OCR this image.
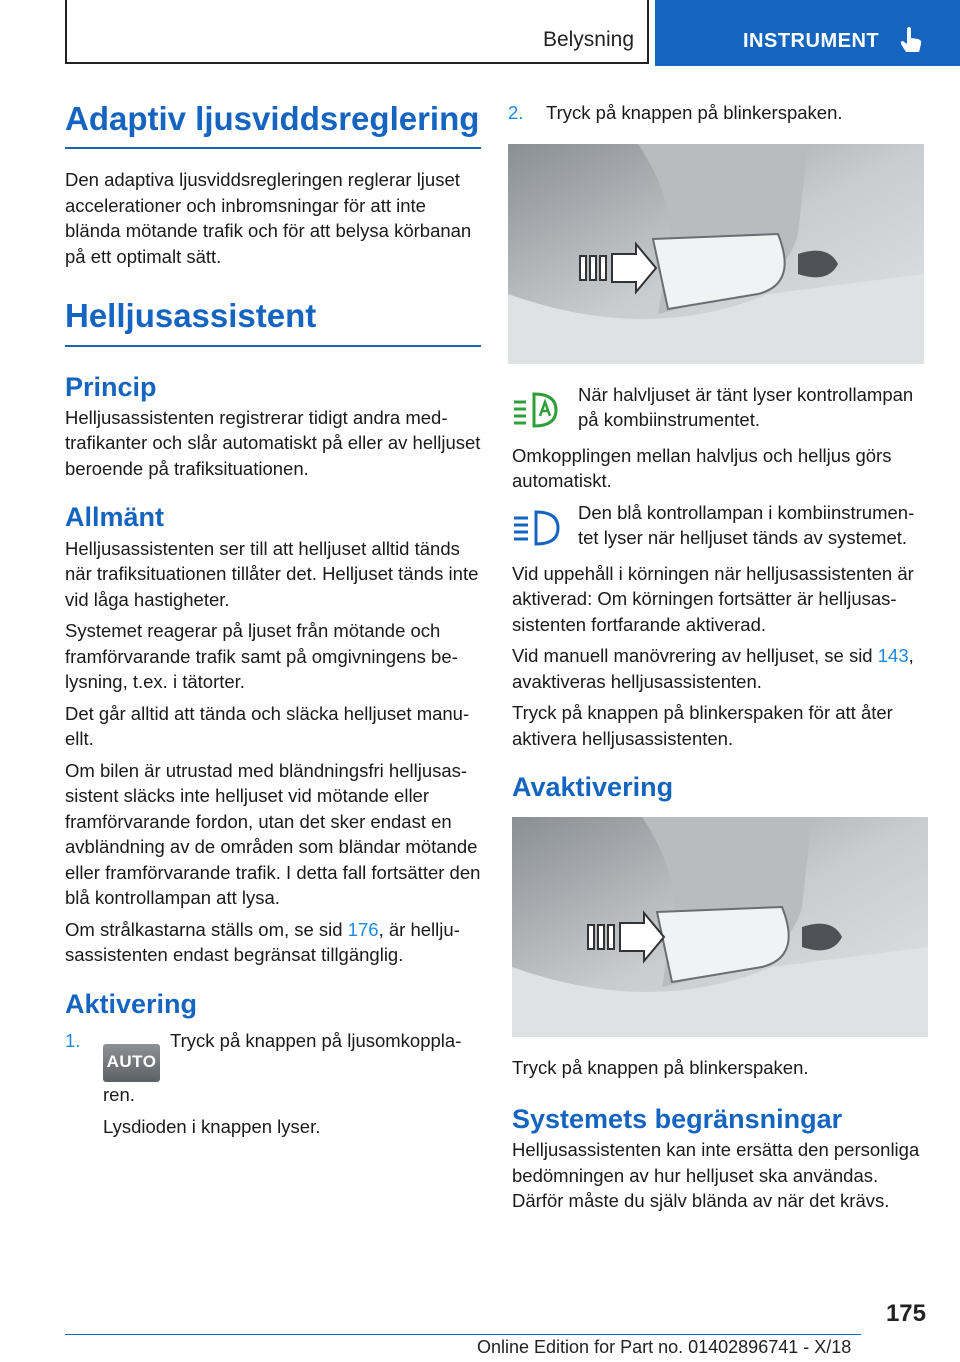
Belysning	INSTRUMENT
Adaptiv ljusviddsreglering

Den adaptiva ljusviddsregleringen reglerar ljuset accelerationer och inbromsningar för att inte blända mötande trafik och för att belysa körbanan på ett optimalt sätt.

Helljusassistent
Princip

Helljusassistenten registrerar tidigt andra medtrafikanter och slår automatiskt på eller av helljuset beroende på trafiksituationen.

Allmänt

Helljusassistenten ser till att helljuset alltid tänds när trafiksituationen tillåter det. Helljuset tänds inte vid låga hastigheter.

Systemet reagerar på ljuset från mötande och framförvarande trafik samt på omgivningens belysning, t.ex. i tätorter.

Det går alltid att tända och släcka helljuset manuellt.

Om bilen är utrustad med bländningsfri helljusassistent släcks inte helljuset vid mötande eller framförvarande fordon, utan det sker endast en avbländning av de områden som bländar mötande eller framförvarande trafik. I detta fall fortsätter den blå kontrollampan att lysa.

Om strålkastarna ställs om, se sid 176, är helljusassistenten endast begränsat tillgänglig.

Aktivering
1.
AUTOTryck på knappen på ljusomkopplaren.

Lysdioden i knappen lyser.

2. Tryck på knappen på blinkerspaken.

När halvljuset är tänt lyser kontrollampan på kombiinstrumentet.

Omkopplingen mellan halvljus och helljus görs automatiskt.

Den blå kontrollampan i kombiinstrumentet lyser när helljuset tänds av systemet.

Vid uppehåll i körningen när helljusassistenten är aktiverad: Om körningen fortsätter är helljusassistenten fortfarande aktiverad.

Vid manuell manövrering av helljuset, se sid 143, avaktiveras helljusassistenten.

Tryck på knappen på blinkerspaken för att åter aktivera helljusassistenten.

Avaktivering

Tryck på knappen på blinkerspaken.

Systemets begränsningar

Helljusassistenten kan inte ersätta den personliga bedömningen av hur helljuset ska användas. Därför måste du själv blända av när det krävs.

175
Online Edition for Part no. 01402896741 - X/18
